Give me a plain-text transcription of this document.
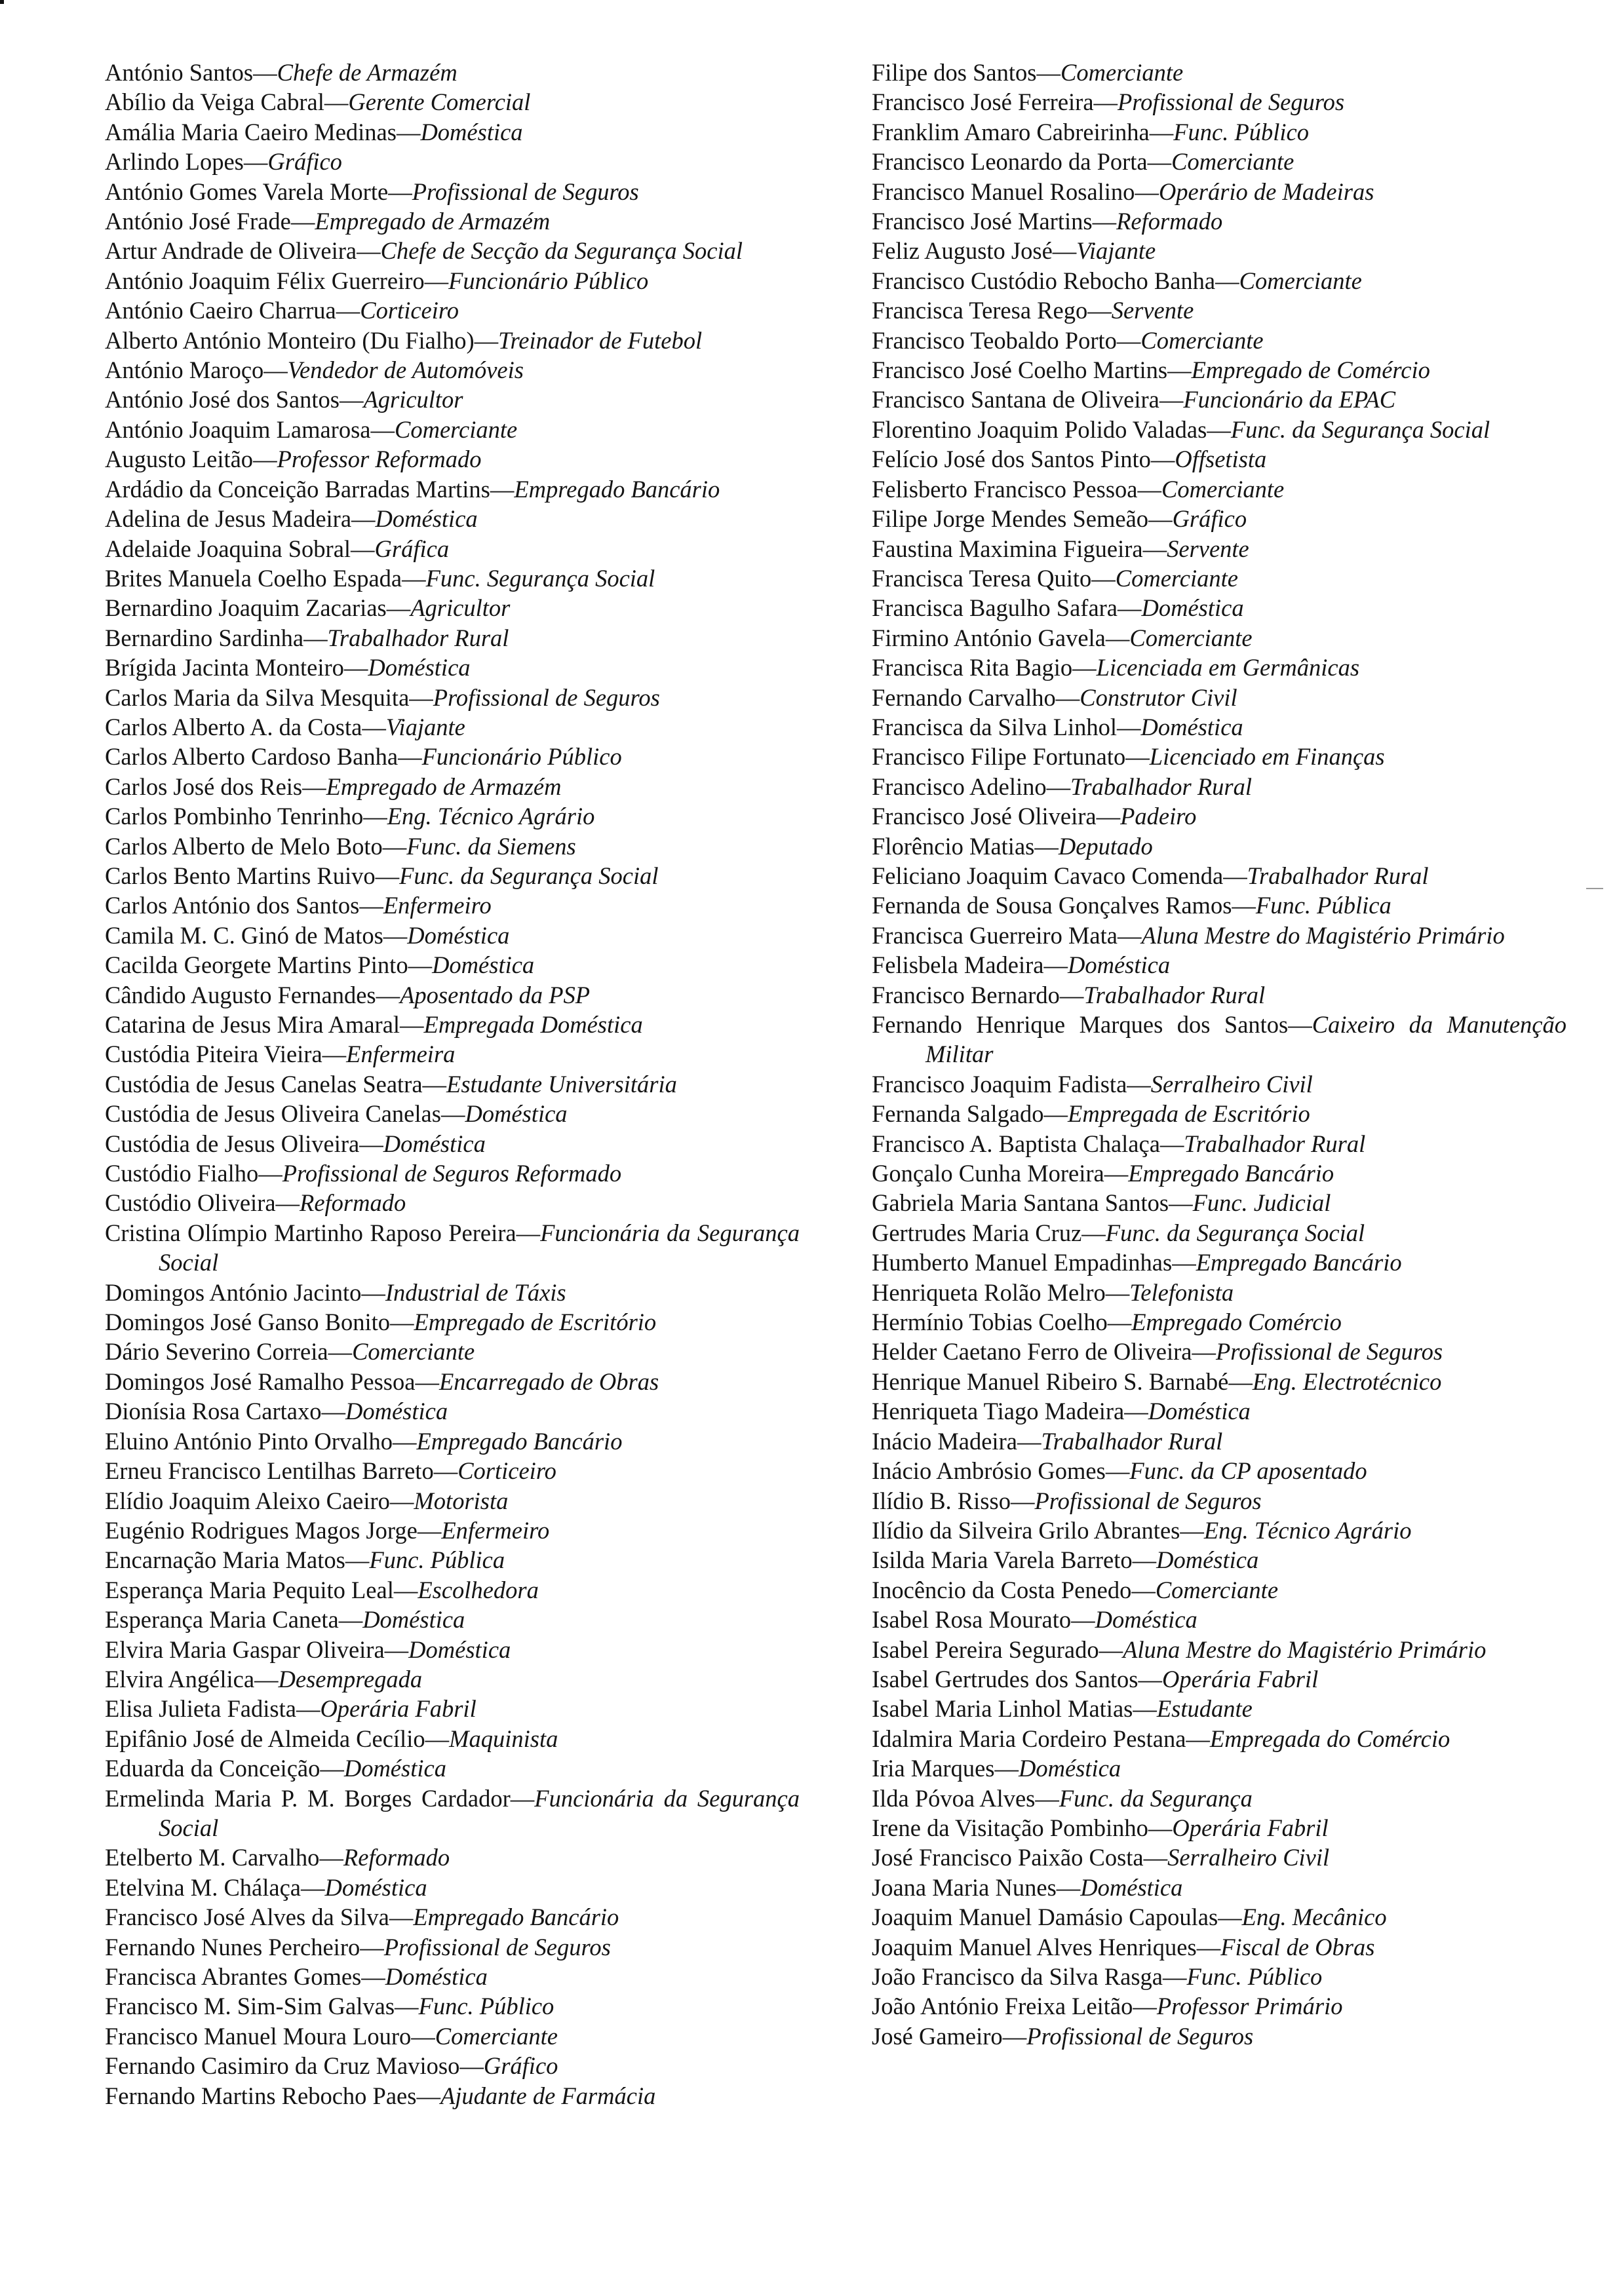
António Santos—Chefe de Armazém

Abílio da Veiga Cabral—Gerente Comercial

Amália Maria Caeiro Medinas—Doméstica

Arlindo Lopes—Gráfico

António Gomes Varela Morte—Profissional de Seguros

António José Frade—Empregado de Armazém

Artur Andrade de Oliveira—Chefe de Secção da Segurança Social

António Joaquim Félix Guerreiro—Funcionário Público

António Caeiro Charrua—Corticeiro

Alberto António Monteiro (Du Fialho)—Treinador de Futebol

António Maroço—Vendedor de Automóveis

António José dos Santos—Agricultor

António Joaquim Lamarosa—Comerciante

Augusto Leitão—Professor Reformado

Ardádio da Conceição Barradas Martins—Empregado Bancário

Adelina de Jesus Madeira—Doméstica

Adelaide Joaquina Sobral—Gráfica

Brites Manuela Coelho Espada—Func. Segurança Social

Bernardino Joaquim Zacarias—Agricultor

Bernardino Sardinha—Trabalhador Rural

Brígida Jacinta Monteiro—Doméstica

Carlos Maria da Silva Mesquita—Profissional de Seguros

Carlos Alberto A. da Costa—Viajante

Carlos Alberto Cardoso Banha—Funcionário Público

Carlos José dos Reis—Empregado de Armazém

Carlos Pombinho Tenrinho—Eng. Técnico Agrário

Carlos Alberto de Melo Boto—Func. da Siemens

Carlos Bento Martins Ruivo—Func. da Segurança Social

Carlos António dos Santos—Enfermeiro

Camila M. C. Ginó de Matos—Doméstica

Cacilda Georgete Martins Pinto—Doméstica

Cândido Augusto Fernandes—Aposentado da PSP

Catarina de Jesus Mira Amaral—Empregada Doméstica

Custódia Piteira Vieira—Enfermeira

Custódia de Jesus Canelas Seatra—Estudante Universitária

Custódia de Jesus Oliveira Canelas—Doméstica

Custódia de Jesus Oliveira—Doméstica

Custódio Fialho—Profissional de Seguros Reformado

Custódio Oliveira—Reformado

Cristina Olímpio Martinho Raposo Pereira—Funcionária da Segurança Social

Domingos António Jacinto—Industrial de Táxis

Domingos José Ganso Bonito—Empregado de Escritório

Dário Severino Correia—Comerciante

Domingos José Ramalho Pessoa—Encarregado de Obras

Dionísia Rosa Cartaxo—Doméstica

Eluino António Pinto Orvalho—Empregado Bancário

Erneu Francisco Lentilhas Barreto—Corticeiro

Elídio Joaquim Aleixo Caeiro—Motorista

Eugénio Rodrigues Magos Jorge—Enfermeiro

Encarnação Maria Matos—Func. Pública

Esperança Maria Pequito Leal—Escolhedora

Esperança Maria Caneta—Doméstica

Elvira Maria Gaspar Oliveira—Doméstica

Elvira Angélica—Desempregada

Elisa Julieta Fadista—Operária Fabril

Epifânio José de Almeida Cecílio—Maquinista

Eduarda da Conceição—Doméstica

Ermelinda Maria P. M. Borges Cardador—Funcionária da Segurança Social

Etelberto M. Carvalho—Reformado

Etelvina M. Chálaça—Doméstica

Francisco José Alves da Silva—Empregado Bancário

Fernando Nunes Percheiro—Profissional de Seguros

Francisca Abrantes Gomes—Doméstica

Francisco M. Sim-Sim Galvas—Func. Público

Francisco Manuel Moura Louro—Comerciante

Fernando Casimiro da Cruz Mavioso—Gráfico

Fernando Martins Rebocho Paes—Ajudante de Farmácia

Filipe dos Santos—Comerciante

Francisco José Ferreira—Profissional de Seguros

Franklim Amaro Cabreirinha—Func. Público

Francisco Leonardo da Porta—Comerciante

Francisco Manuel Rosalino—Operário de Madeiras

Francisco José Martins—Reformado

Feliz Augusto José—Viajante

Francisco Custódio Rebocho Banha—Comerciante

Francisca Teresa Rego—Servente

Francisco Teobaldo Porto—Comerciante

Francisco José Coelho Martins—Empregado de Comércio

Francisco Santana de Oliveira—Funcionário da EPAC

Florentino Joaquim Polido Valadas—Func. da Segurança Social

Felício José dos Santos Pinto—Offsetista

Felisberto Francisco Pessoa—Comerciante

Filipe Jorge Mendes Semeão—Gráfico

Faustina Maximina Figueira—Servente

Francisca Teresa Quito—Comerciante

Francisca Bagulho Safara—Doméstica

Firmino António Gavela—Comerciante

Francisca Rita Bagio—Licenciada em Germânicas

Fernando Carvalho—Construtor Civil

Francisca da Silva Linhol—Doméstica

Francisco Filipe Fortunato—Licenciado em Finanças

Francisco Adelino—Trabalhador Rural

Francisco José Oliveira—Padeiro

Florêncio Matias—Deputado

Feliciano Joaquim Cavaco Comenda—Trabalhador Rural

Fernanda de Sousa Gonçalves Ramos—Func. Pública

Francisca Guerreiro Mata—Aluna Mestre do Magistério Primário

Felisbela Madeira—Doméstica

Francisco Bernardo—Trabalhador Rural

Fernando Henrique Marques dos Santos—Caixeiro da Manutenção Militar

Francisco Joaquim Fadista—Serralheiro Civil

Fernanda Salgado—Empregada de Escritório

Francisco A. Baptista Chalaça—Trabalhador Rural

Gonçalo Cunha Moreira—Empregado Bancário

Gabriela Maria Santana Santos—Func. Judicial

Gertrudes Maria Cruz—Func. da Segurança Social

Humberto Manuel Empadinhas—Empregado Bancário

Henriqueta Rolão Melro—Telefonista

Hermínio Tobias Coelho—Empregado Comércio

Helder Caetano Ferro de Oliveira—Profissional de Seguros

Henrique Manuel Ribeiro S. Barnabé—Eng. Electrotécnico

Henriqueta Tiago Madeira—Doméstica

Inácio Madeira—Trabalhador Rural

Inácio Ambrósio Gomes—Func. da CP aposentado

Ilídio B. Risso—Profissional de Seguros

Ilídio da Silveira Grilo Abrantes—Eng. Técnico Agrário

Isilda Maria Varela Barreto—Doméstica

Inocêncio da Costa Penedo—Comerciante

Isabel Rosa Mourato—Doméstica

Isabel Pereira Segurado—Aluna Mestre do Magistério Primário

Isabel Gertrudes dos Santos—Operária Fabril

Isabel Maria Linhol Matias—Estudante

Idalmira Maria Cordeiro Pestana—Empregada do Comércio

Iria Marques—Doméstica

Ilda Póvoa Alves—Func. da Segurança

Irene da Visitação Pombinho—Operária Fabril

José Francisco Paixão Costa—Serralheiro Civil

Joana Maria Nunes—Doméstica

Joaquim Manuel Damásio Capoulas—Eng. Mecânico

Joaquim Manuel Alves Henriques—Fiscal de Obras

João Francisco da Silva Rasga—Func. Público

João António Freixa Leitão—Professor Primário

José Gameiro—Profissional de Seguros
